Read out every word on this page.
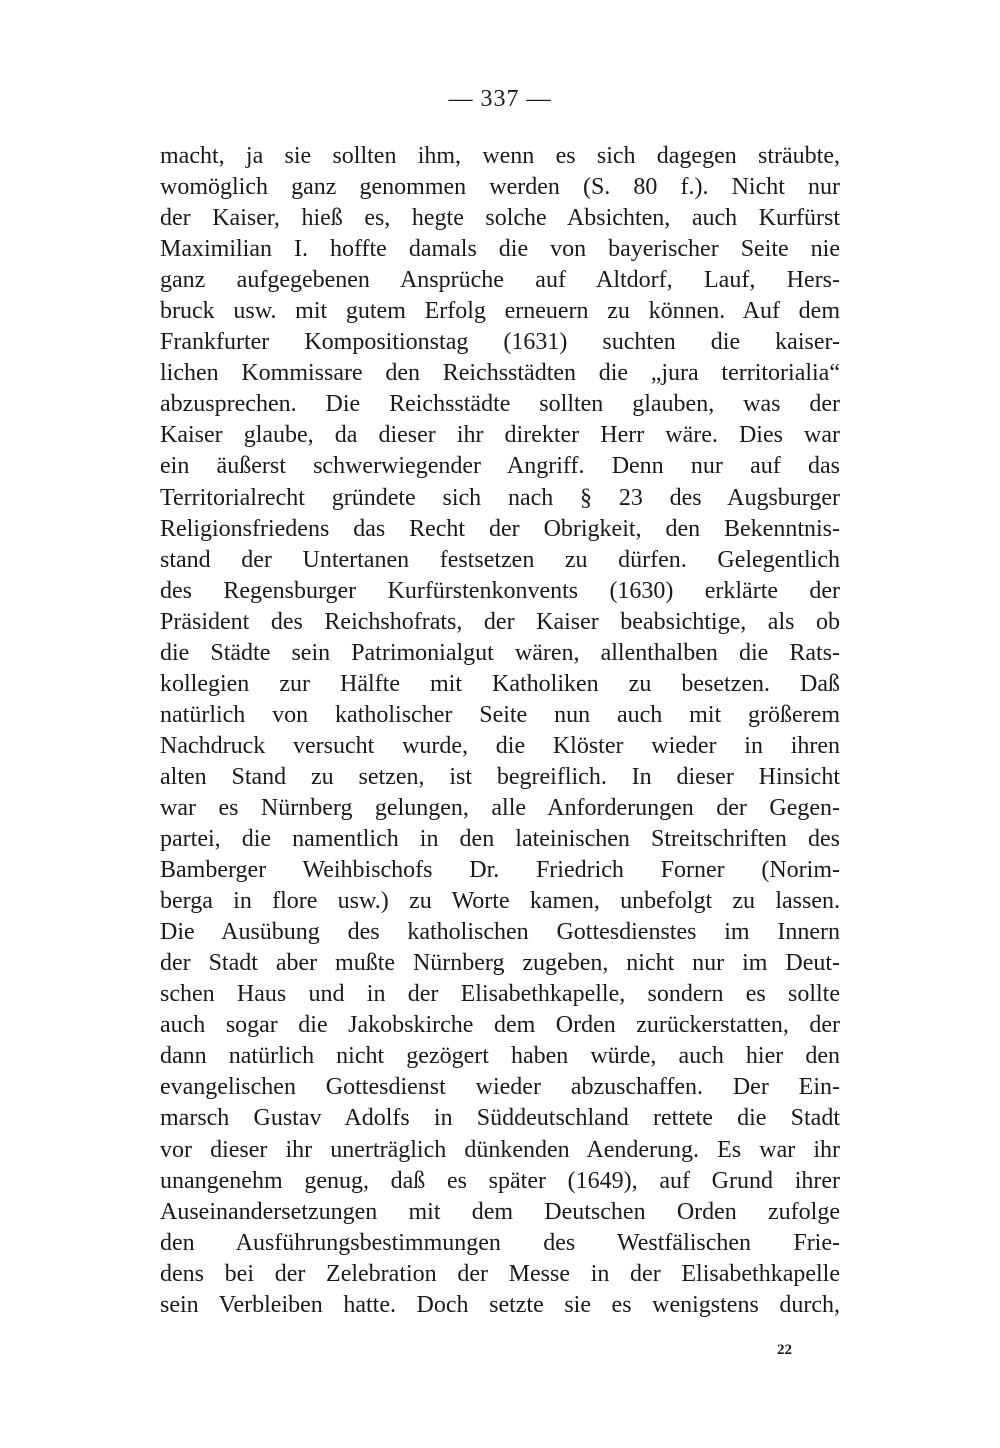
— 337 —
macht, ja sie sollten ihm, wenn es sich dagegen sträubte,
womöglich ganz genommen werden (S. 80 f.). Nicht nur
der Kaiser, hieß es, hegte solche Absichten, auch Kurfürst
Maximilian I. hoffte damals die von bayerischer Seite nie
ganz aufgegebenen Ansprüche auf Altdorf, Lauf, Hers-
bruck usw. mit gutem Erfolg erneuern zu können. Auf dem
Frankfurter Kompositionstag (1631) suchten die kaiser-
lichen Kommissare den Reichsstädten die „jura territorialia“
abzusprechen. Die Reichsstädte sollten glauben, was der
Kaiser glaube, da dieser ihr direkter Herr wäre. Dies war
ein äußerst schwerwiegender Angriff. Denn nur auf das
Territorialrecht gründete sich nach § 23 des Augsburger
Religionsfriedens das Recht der Obrigkeit, den Bekenntnis-
stand der Untertanen festsetzen zu dürfen. Gelegentlich
des Regensburger Kurfürstenkonvents (1630) erklärte der
Präsident des Reichshofrats, der Kaiser beabsichtige, als ob
die Städte sein Patrimonialgut wären, allenthalben die Rats-
kollegien zur Hälfte mit Katholiken zu besetzen. Daß
natürlich von katholischer Seite nun auch mit größerem
Nachdruck versucht wurde, die Klöster wieder in ihren
alten Stand zu setzen, ist begreiflich. In dieser Hinsicht
war es Nürnberg gelungen, alle Anforderungen der Gegen-
partei, die namentlich in den lateinischen Streitschriften des
Bamberger Weihbischofs Dr. Friedrich Forner (Norim-
berga in flore usw.) zu Worte kamen, unbefolgt zu lassen.
Die Ausübung des katholischen Gottesdienstes im Innern
der Stadt aber mußte Nürnberg zugeben, nicht nur im Deut-
schen Haus und in der Elisabethkapelle, sondern es sollte
auch sogar die Jakobskirche dem Orden zurückerstatten, der
dann natürlich nicht gezögert haben würde, auch hier den
evangelischen Gottesdienst wieder abzuschaffen. Der Ein-
marsch Gustav Adolfs in Süddeutschland rettete die Stadt
vor dieser ihr unerträglich dünkenden Aenderung. Es war ihr
unangenehm genug, daß es später (1649), auf Grund ihrer
Auseinandersetzungen mit dem Deutschen Orden zufolge
den Ausführungsbestimmungen des Westfälischen Frie-
dens bei der Zelebration der Messe in der Elisabethkapelle
sein Verbleiben hatte. Doch setzte sie es wenigstens durch,
22
